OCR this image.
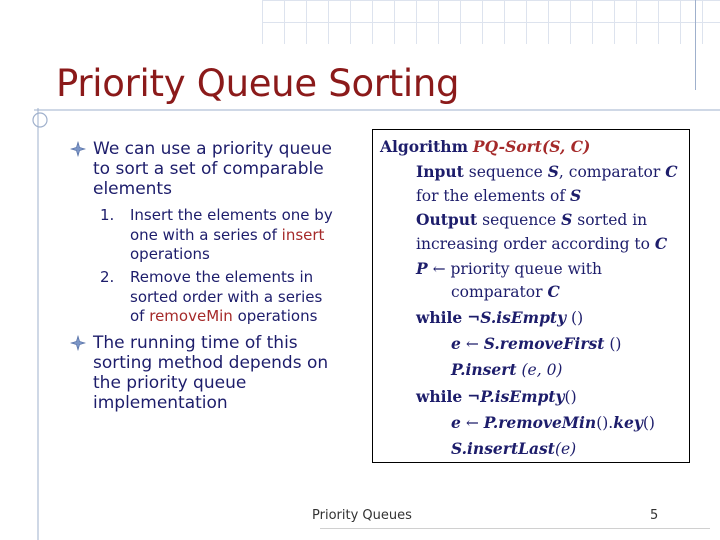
Priority Queue Sorting
We can use a priority queue to sort a set of comparable elements
1.	Insert the elements one by one with a series of insert operations
2.	Remove the elements in sorted order with a series of removeMin operations
The running time of this sorting method depends on the priority queue implementation
Algorithm PQ-Sort(S, C)
Input sequence S, comparator C
for the elements of S
Output sequence S sorted in
increasing order according to C
P ← priority queue with
comparator C
while ¬S.isEmpty ()
e ← S.removeFirst ()
P.insert (e, 0)
while ¬P.isEmpty()
e ← P.removeMin().key()
S.insertLast(e)
Priority Queues	5
